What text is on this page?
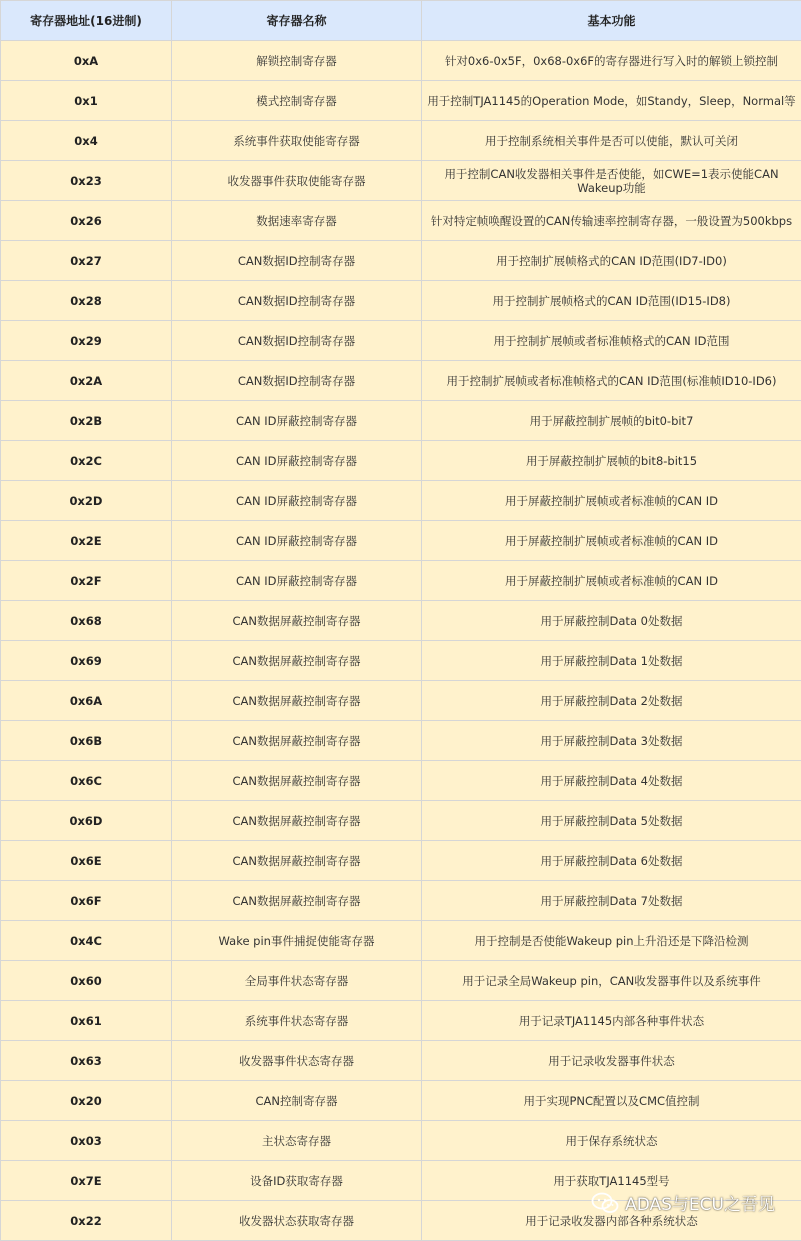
寄存器地址(16进制)	寄存器名称	基本功能
0xA	解锁控制寄存器	针对0x6-0x5F，0x68-0x6F的寄存器进行写入时的解锁上锁控制
0x1	模式控制寄存器	用于控制TJA1145的Operation Mode，如Standy，Sleep，Normal等
0x4	系统事件获取使能寄存器	用于控制系统相关事件是否可以使能，默认可关闭
0x23	收发器事件获取使能寄存器	用于控制CAN收发器相关事件是否使能，如CWE=1表示使能CAN Wakeup功能
0x26	数据速率寄存器	针对特定帧唤醒设置的CAN传输速率控制寄存器，一般设置为500kbps
0x27	CAN数据ID控制寄存器	用于控制扩展帧格式的CAN ID范围(ID7-ID0)
0x28	CAN数据ID控制寄存器	用于控制扩展帧格式的CAN ID范围(ID15-ID8)
0x29	CAN数据ID控制寄存器	用于控制扩展帧或者标准帧格式的CAN ID范围
0x2A	CAN数据ID控制寄存器	用于控制扩展帧或者标准帧格式的CAN ID范围(标准帧ID10-ID6)
0x2B	CAN ID屏蔽控制寄存器	用于屏蔽控制扩展帧的bit0-bit7
0x2C	CAN ID屏蔽控制寄存器	用于屏蔽控制扩展帧的bit8-bit15
0x2D	CAN ID屏蔽控制寄存器	用于屏蔽控制扩展帧或者标准帧的CAN ID
0x2E	CAN ID屏蔽控制寄存器	用于屏蔽控制扩展帧或者标准帧的CAN ID
0x2F	CAN ID屏蔽控制寄存器	用于屏蔽控制扩展帧或者标准帧的CAN ID
0x68	CAN数据屏蔽控制寄存器	用于屏蔽控制Data 0处数据
0x69	CAN数据屏蔽控制寄存器	用于屏蔽控制Data 1处数据
0x6A	CAN数据屏蔽控制寄存器	用于屏蔽控制Data 2处数据
0x6B	CAN数据屏蔽控制寄存器	用于屏蔽控制Data 3处数据
0x6C	CAN数据屏蔽控制寄存器	用于屏蔽控制Data 4处数据
0x6D	CAN数据屏蔽控制寄存器	用于屏蔽控制Data 5处数据
0x6E	CAN数据屏蔽控制寄存器	用于屏蔽控制Data 6处数据
0x6F	CAN数据屏蔽控制寄存器	用于屏蔽控制Data 7处数据
0x4C	Wake pin事件捕捉使能寄存器	用于控制是否使能Wakeup pin上升沿还是下降沿检测
0x60	全局事件状态寄存器	用于记录全局Wakeup pin，CAN收发器事件以及系统事件
0x61	系统事件状态寄存器	用于记录TJA1145内部各种事件状态
0x63	收发器事件状态寄存器	用于记录收发器事件状态
0x20	CAN控制寄存器	用于实现PNC配置以及CMC值控制
0x03	主状态寄存器	用于保存系统状态
0x7E	设备ID获取寄存器	用于获取TJA1145型号
0x22	收发器状态获取寄存器	用于记录收发器内部各种系统状态
ADAS与ECU之吾见
